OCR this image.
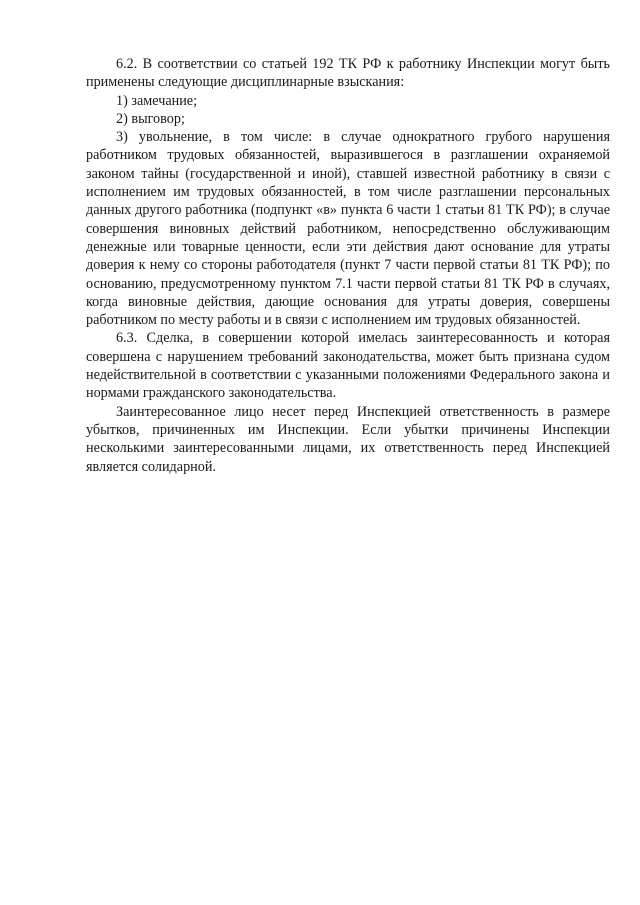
6.2. В соответствии со статьей 192 ТК РФ к работнику Инспекции могут быть применены следующие дисциплинарные взыскания:

1) замечание;

2) выговор;

3) увольнение, в том числе: в случае однократного грубого нарушения работником трудовых обязанностей, выразившегося в разглашении охраняемой законом тайны (государственной и иной), ставшей известной работнику в связи с исполнением им трудовых обязанностей, в том числе разглашении персональных данных другого работника (подпункт «в» пункта 6 части 1 статьи 81 ТК РФ); в случае совершения виновных действий работником, непосредственно обслуживающим денежные или товарные ценности, если эти действия дают основание для утраты доверия к нему со стороны работодателя (пункт 7 части первой статьи 81 ТК РФ); по основанию, предусмотренному пунктом 7.1 части первой статьи 81 ТК РФ в случаях, когда виновные действия, дающие основания для утраты доверия, совершены работником по месту работы и в связи с исполнением им трудовых обязанностей.

6.3. Сделка, в совершении которой имелась заинтересованность и которая совершена с нарушением требований законодательства, может быть признана судом недействительной в соответствии с указанными положениями Федерального закона и нормами гражданского законодательства.

Заинтересованное лицо несет перед Инспекцией ответственность в размере убытков, причиненных им Инспекции. Если убытки причинены Инспекции несколькими заинтересованными лицами, их ответственность перед Инспекцией является солидарной.
